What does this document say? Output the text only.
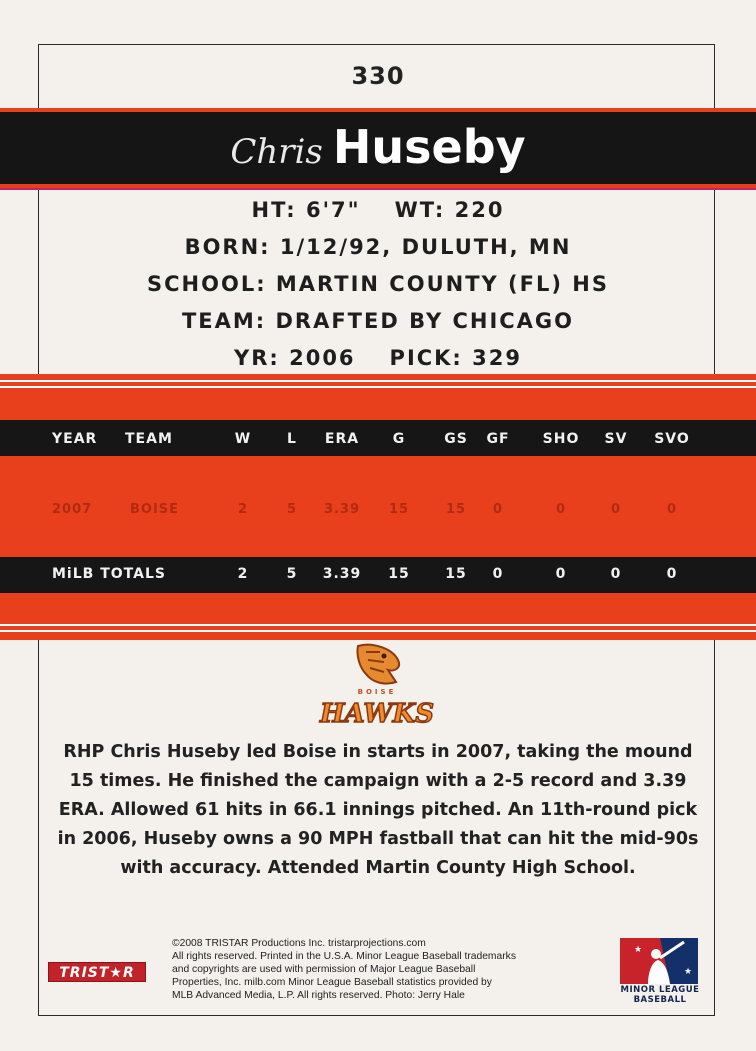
330
Chris Huseby
HT: 6'7" WT: 220
BORN: 1/12/92, DULUTH, MN
SCHOOL: MARTIN COUNTY (FL) HS
TEAM: DRAFTED BY CHICAGO
YR: 2006 PICK: 329
YEAR TEAM	W	L ERA G	GS GF SHO SV SVO
2007	BOISE	2	5 3.39 15	15 0	0	0	0
MiLB TOTALS	2	5 3.39 15	15 0	0	0	0
BOISE
HAWKS
RHP Chris Huseby led Boise in starts in 2007, taking the mound
15 times. He finished the campaign with a 2-5 record and 3.39
ERA. Allowed 61 hits in 66.1 innings pitched. An 11th-round pick
in 2006, Huseby owns a 90 MPH fastball that can hit the mid-90s
with accuracy. Attended Martin County High School.
TRIST★R
©2008 TRISTAR Productions Inc. tristarprojections.com
All rights reserved. Printed in the U.S.A. Minor League Baseball trademarks
and copyrights are used with permission of Major League Baseball
Properties, Inc. milb.com Minor League Baseball statistics provided by
MLB Advanced Media, L.P. All rights reserved. Photo: Jerry Hale
★
★
MINOR LEAGUE
BASEBALL
